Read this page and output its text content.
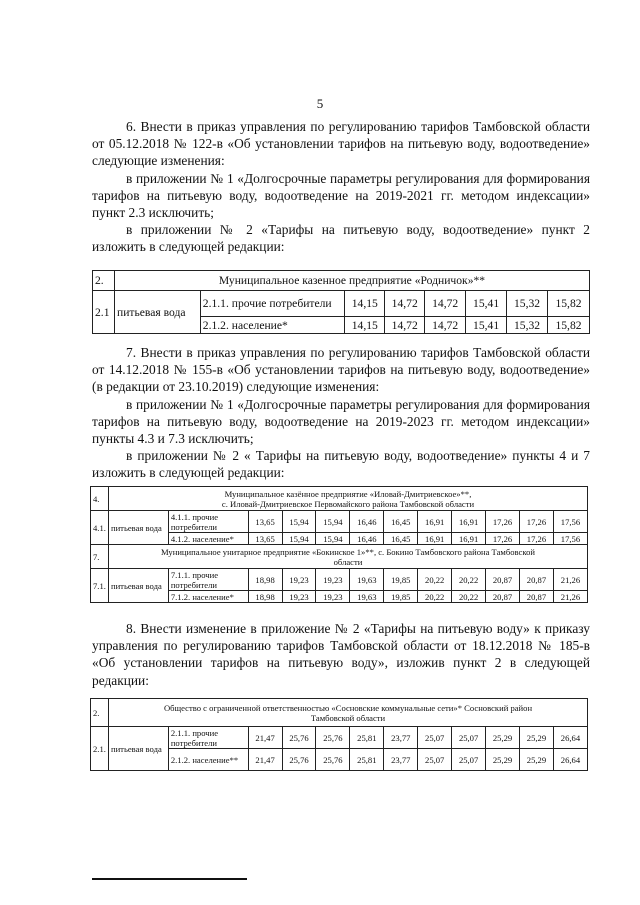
5

6. Внести в приказ управления по регулированию тарифов Тамбовской области от 05.12.2018 № 122-в «Об установлении тарифов на питьевую воду, водоотведение» следующие изменения:

в приложении № 1 «Долгосрочные параметры регулирования для формирования тарифов на питьевую воду, водоотведение на 2019-2021 гг. методом индексации» пункт 2.3 исключить;

в приложении № 2 «Тарифы на питьевую воду, водоотведение» пункт 2 изложить в следующей редакции:

2.	Муниципальное казенное предприятие «Родничок»**							
2.1	питьевая вода	2.1.1. прочие потребители	14,15	14,72	14,72	15,41	15,32	15,82
		2.1.2. население*	14,15	14,72	14,72	15,41	15,32	15,82

7. Внести в приказ управления по регулированию тарифов Тамбовской области от 14.12.2018 № 155-в «Об установлении тарифов на питьевую воду, водоотведение» (в редакции от 23.10.2019) следующие изменения:

в приложении № 1 «Долгосрочные параметры регулирования для формирования тарифов на питьевую воду, водоотведение на 2019-2023 гг. методом индексации» пункты 4.3 и 7.3 исключить;

в приложении № 2 « Тарифы на питьевую воду, водоотведение» пункты 4 и 7 изложить в следующей редакции:

4.	Муниципальное казённое предприятие «Иловай-Дмитриевское»**,
с. Иловай-Дмитриевское Первомайского района Тамбовской области											

4.1.	питьевая вода	4.1.1. прочие потребители	13,65	15,94	15,94	16,46	16,45	16,91	16,91	17,26	17,26	17,56
		4.1.2. население*	13,65	15,94	15,94	16,46	16,45	16,91	16,91	17,26	17,26	17,56
7.	Муниципальное унитарное предприятие «Бокинское 1»**, с. Бокино Тамбовского района Тамбовской
области											

7.1.	питьевая вода	7.1.1. прочие потребители	18,98	19,23	19,23	19,63	19,85	20,22	20,22	20,87	20,87	21,26
		7.1.2. население*	18,98	19,23	19,23	19,63	19,85	20,22	20,22	20,87	20,87	21,26

8. Внести изменение в приложение № 2 «Тарифы на питьевую воду» к приказу управления по регулированию тарифов Тамбовской области от 18.12.2018 № 185-в «Об установлении тарифов на питьевую воду», изложив пункт 2 в следующей редакции:

2.	Общество с ограниченной ответственностью «Сосновские коммунальные сети»* Сосновский район
Тамбовской области											

2.1.	питьевая вода	2.1.1. прочие потребители	21,47	25,76	25,76	25,81	23,77	25,07	25,07	25,29	25,29	26,64
		2.1.2. население**	21,47	25,76	25,76	25,81	23,77	25,07	25,07	25,29	25,29	26,64
